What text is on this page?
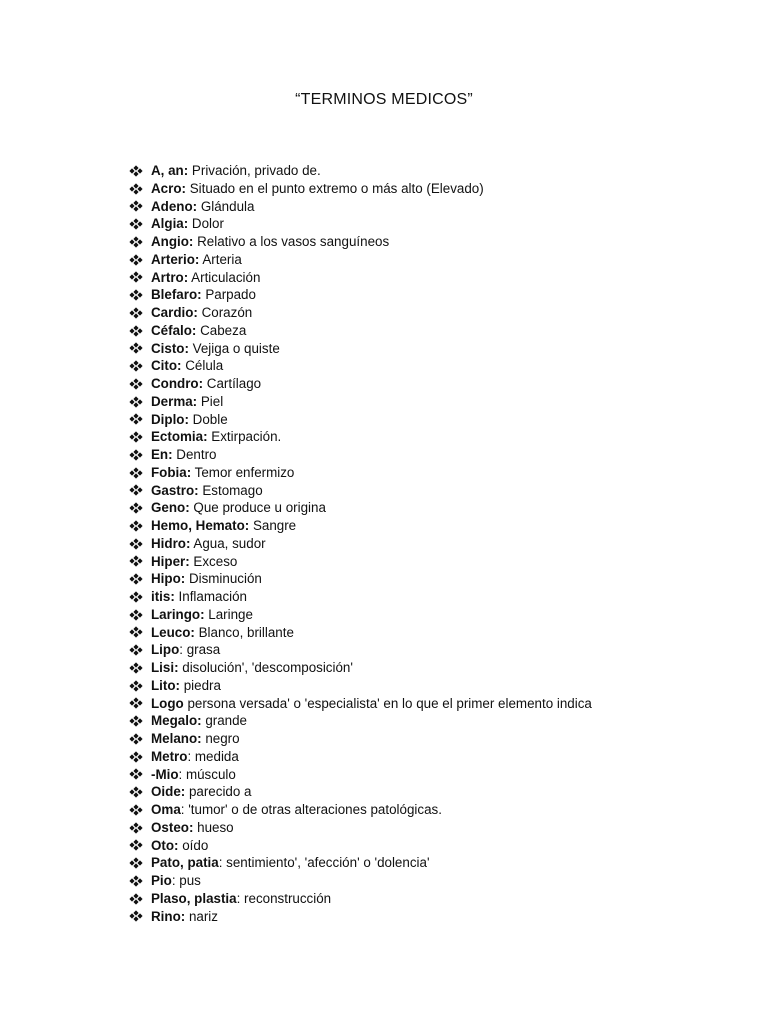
“TERMINOS MEDICOS”
A, an: Privación, privado de.
Acro: Situado en el punto extremo o más alto (Elevado)
Adeno: Glándula
Algia: Dolor
Angio: Relativo a los vasos sanguíneos
Arterio: Arteria
Artro: Articulación
Blefaro: Parpado
Cardio: Corazón
Céfalo: Cabeza
Cisto: Vejiga o quiste
Cito: Célula
Condro: Cartílago
Derma: Piel
Diplo: Doble
Ectomia: Extirpación.
En: Dentro
Fobia: Temor enfermizo
Gastro: Estomago
Geno: Que produce u origina
Hemo, Hemato: Sangre
Hidro: Agua, sudor
Hiper: Exceso
Hipo: Disminución
itis: Inflamación
Laringo: Laringe
Leuco: Blanco, brillante
Lipo : grasa
Lisi: disolución', 'descomposición'
Lito: piedra
Logo persona versada' o 'especialista' en lo que el primer elemento indica
Megalo: grande
Melano: negro
Metro : medida
-Mio : músculo
Oide: parecido a
Oma : 'tumor' o de otras alteraciones patológicas.
Osteo: hueso
Oto: oído
Pato, patia : sentimiento', 'afección' o 'dolencia'
Pio : pus
Plaso, plastia : reconstrucción
Rino: nariz
